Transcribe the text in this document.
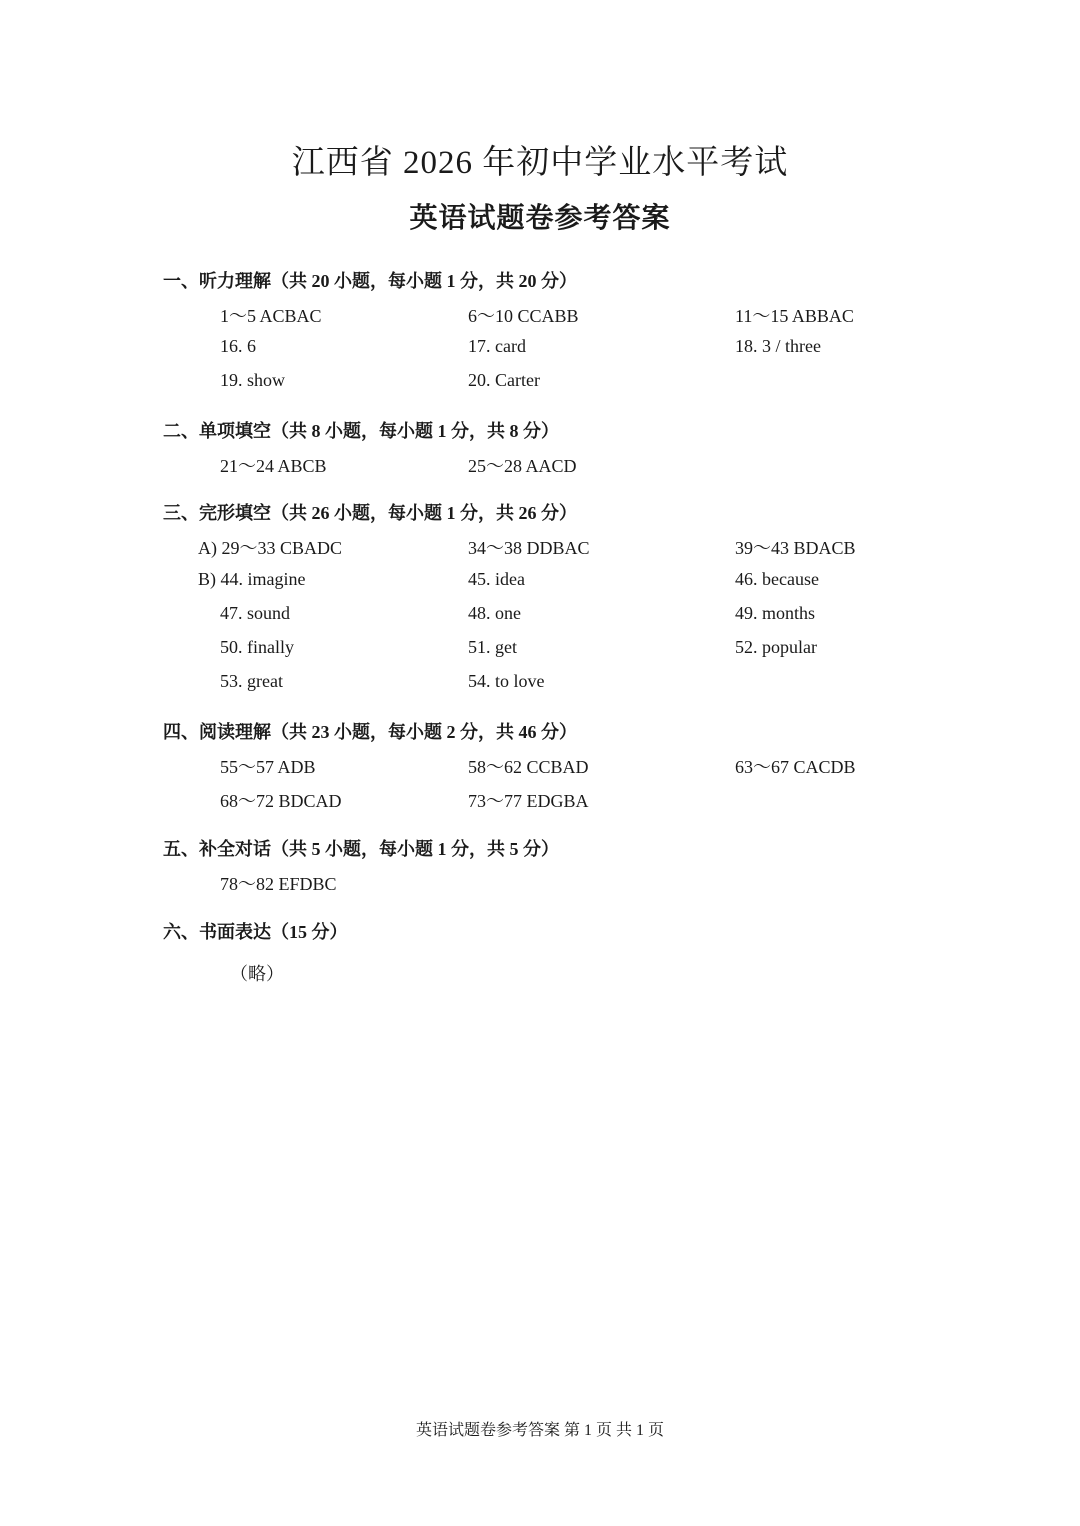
江西省 2026 年初中学业水平考试
英语试题卷参考答案
一、听力理解（共 20 小题，每小题 1 分，共 20 分）
1～5 ACBAC	6～10 CCABB	11～15 ABBAC
16. 6	17. card	18. 3 / three
19. show	20. Carter
二、单项填空（共 8 小题，每小题 1 分，共 8 分）
21～24 ABCB	25～28 AACD
三、完形填空（共 26 小题，每小题 1 分，共 26 分）
A) 29～33 CBADC	34～38 DDBAC	39～43 BDACB
B) 44. imagine	45. idea	46. because
47. sound	48. one	49. months
50. finally	51. get	52. popular
53. great	54. to love
四、阅读理解（共 23 小题，每小题 2 分，共 46 分）
55～57 ADB	58～62 CCBAD	63～67 CACDB
68～72 BDCAD	73～77 EDGBA
五、补全对话（共 5 小题，每小题 1 分，共 5 分）
78～82 EFDBC
六、书面表达（15 分）
（略）
英语试题卷参考答案 第 1 页 共 1 页
